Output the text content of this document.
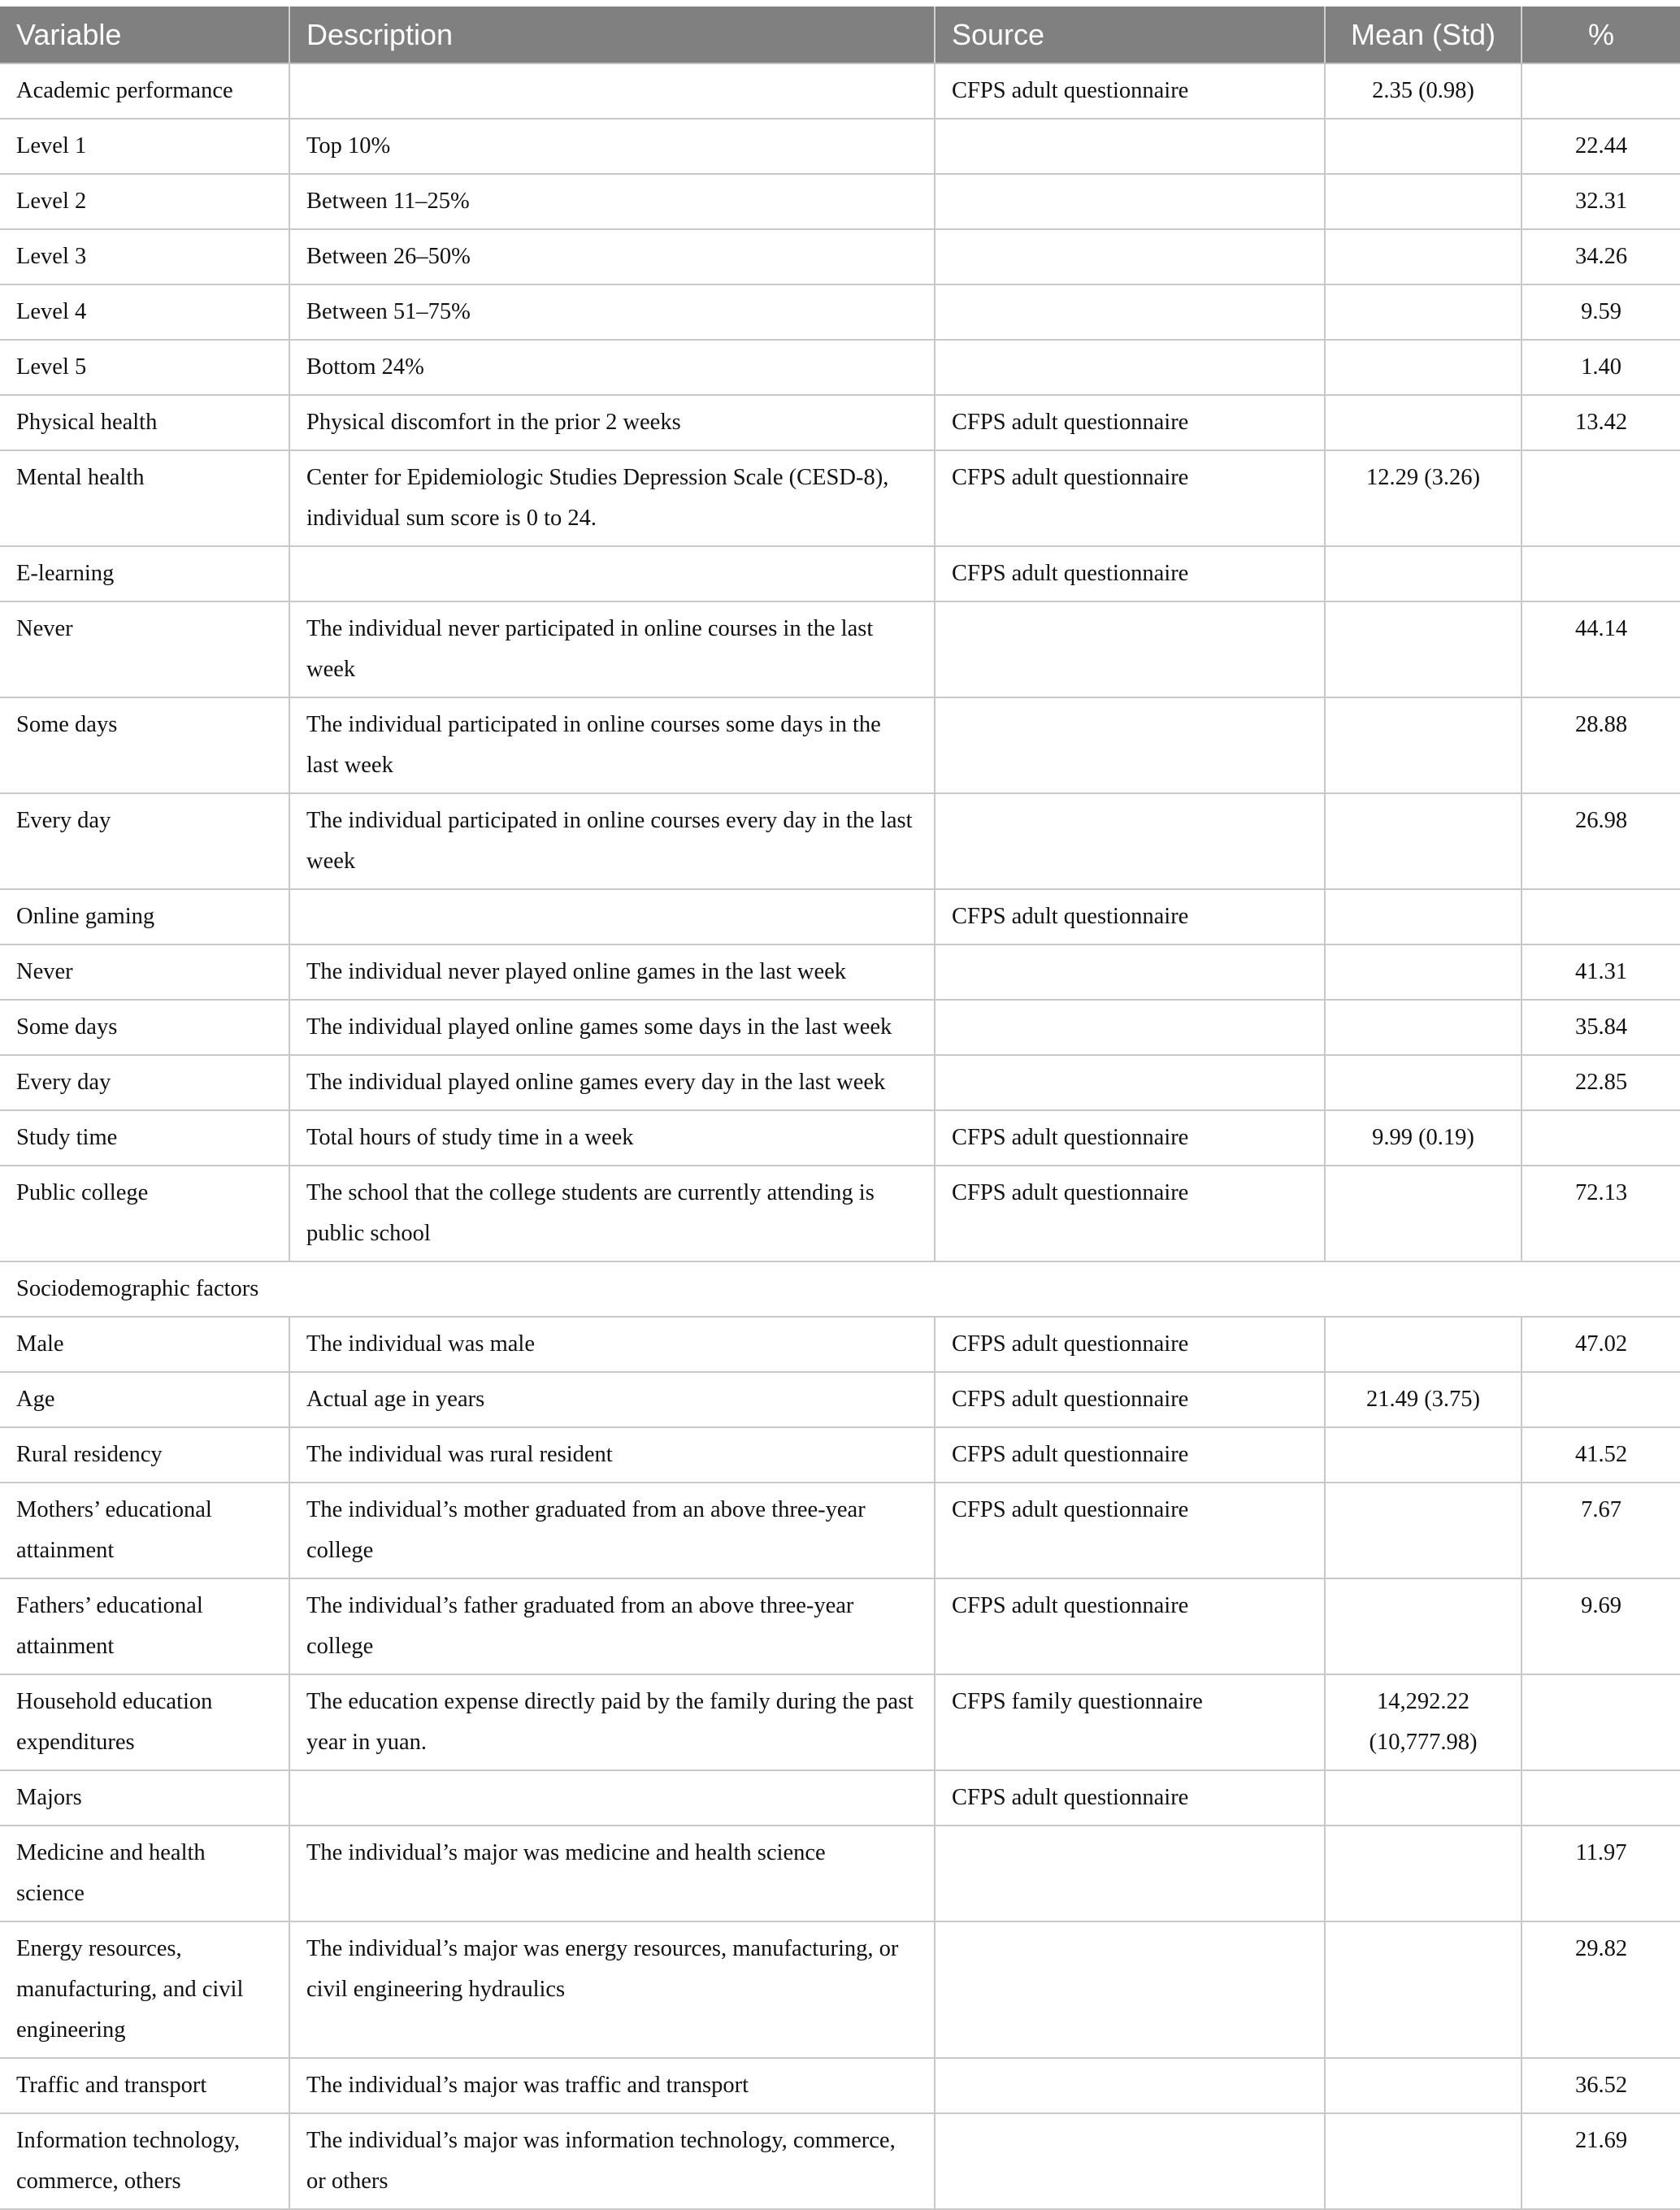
Variable	Description	Source	Mean (Std)	%
Academic performance		CFPS adult questionnaire	2.35 (0.98)	
Level 1	Top 10%			22.44
Level 2	Between 11–25%			32.31
Level 3	Between 26–50%			34.26
Level 4	Between 51–75%			9.59
Level 5	Bottom 24%			1.40
Physical health	Physical discomfort in the prior 2 weeks	CFPS adult questionnaire		13.42
Mental health	Center for Epidemiologic Studies Depression Scale (CESD-8), individual sum score is 0 to 24.	CFPS adult questionnaire	12.29 (3.26)	
E-learning		CFPS adult questionnaire		
Never	The individual never participated in online courses in the last week			44.14
Some days	The individual participated in online courses some days in the last week			28.88
Every day	The individual participated in online courses every day in the last week			26.98
Online gaming		CFPS adult questionnaire		
Never	The individual never played online games in the last week			41.31
Some days	The individual played online games some days in the last week			35.84
Every day	The individual played online games every day in the last week			22.85
Study time	Total hours of study time in a week	CFPS adult questionnaire	9.99 (0.19)	
Public college	The school that the college students are currently attending is public school	CFPS adult questionnaire		72.13
Sociodemographic factors				
Male	The individual was male	CFPS adult questionnaire		47.02
Age	Actual age in years	CFPS adult questionnaire	21.49 (3.75)	
Rural residency	The individual was rural resident	CFPS adult questionnaire		41.52
Mothers’ educational attainment	The individual’s mother graduated from an above three-year college	CFPS adult questionnaire		7.67
Fathers’ educational attainment	The individual’s father graduated from an above three-year college	CFPS adult questionnaire		9.69
Household education expenditures	The education expense directly paid by the family during the past year in yuan.	CFPS family questionnaire	14,292.22 (10,777.98)	
Majors		CFPS adult questionnaire		
Medicine and health science	The individual’s major was medicine and health science			11.97
Energy resources, manufacturing, and civil engineering	The individual’s major was energy resources, manufacturing, or civil engineering hydraulics			29.82
Traffic and transport	The individual’s major was traffic and transport			36.52
Information technology, commerce, others	The individual’s major was information technology, commerce, or others			21.69
